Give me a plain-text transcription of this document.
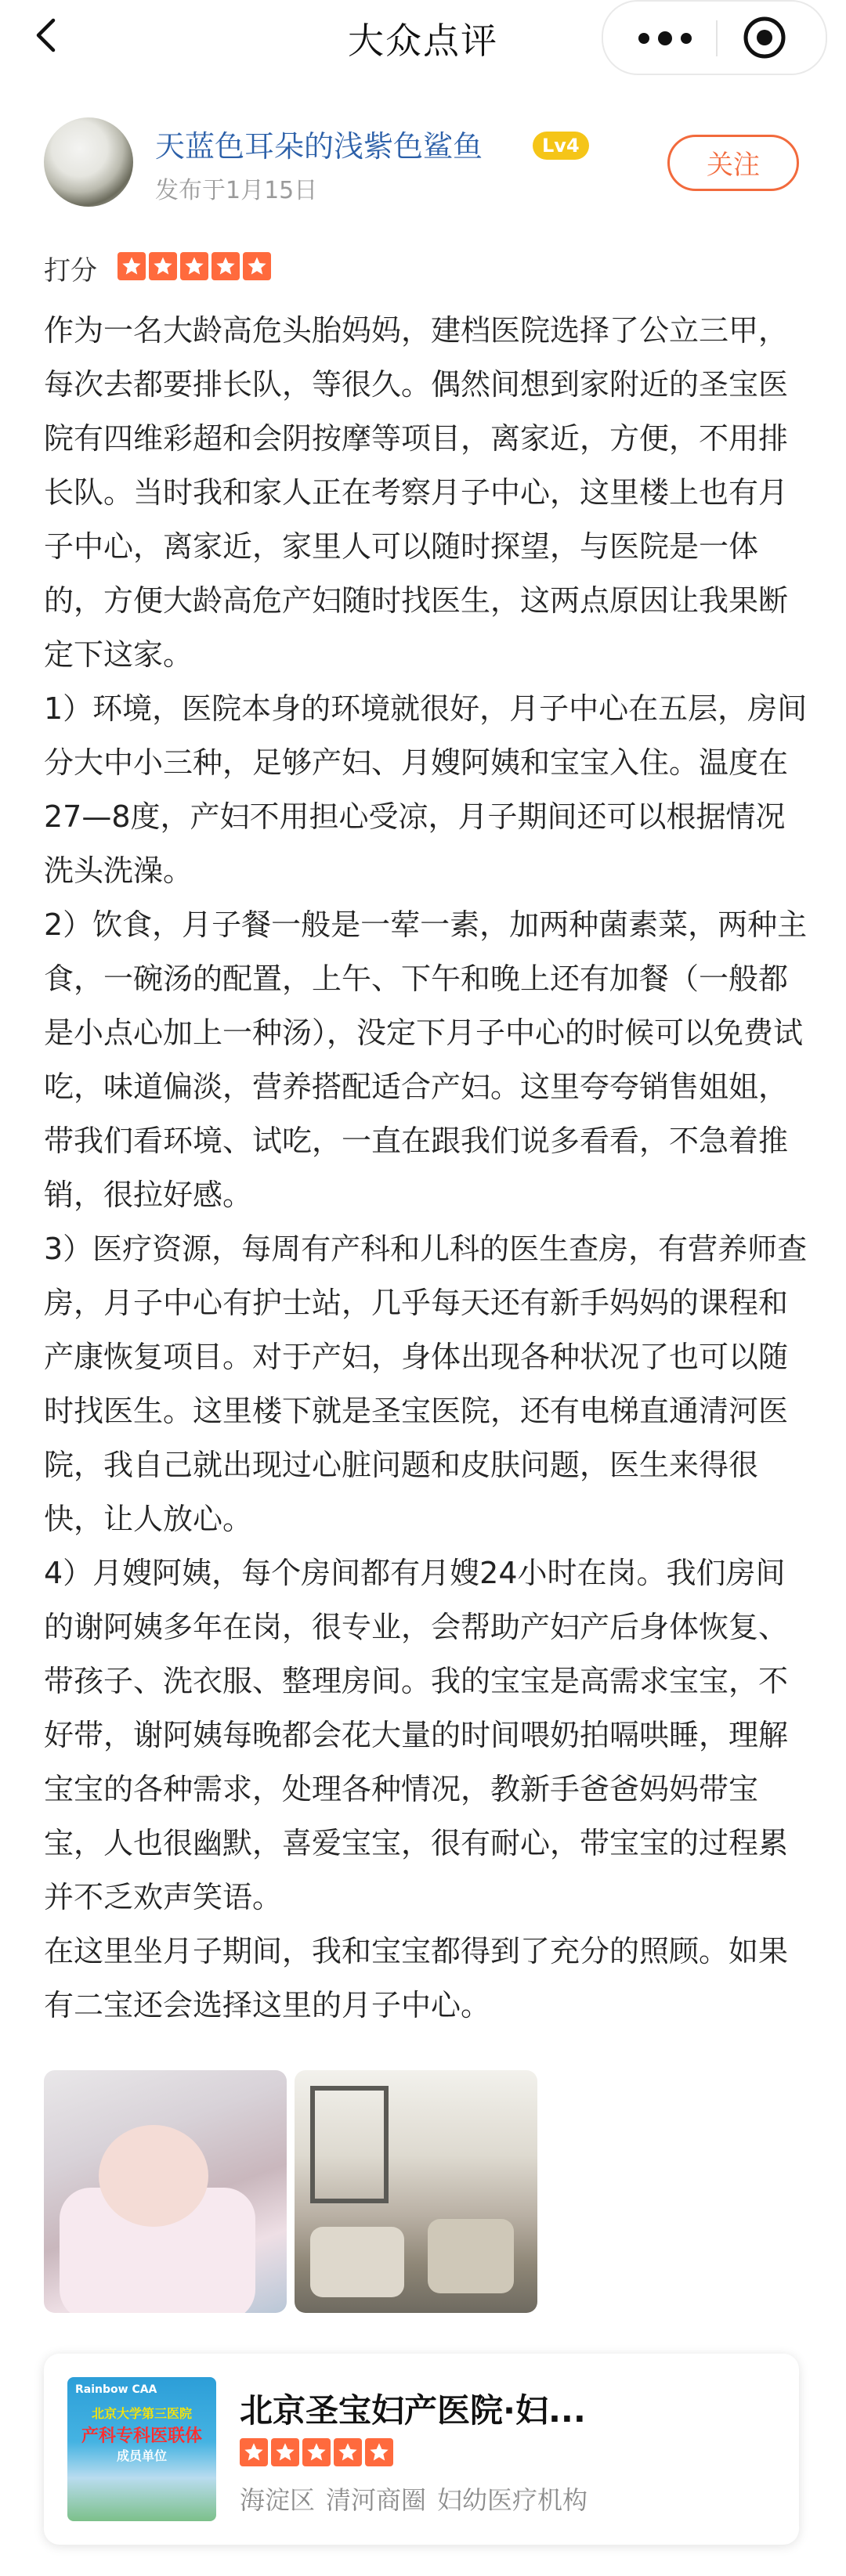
大众点评
天蓝色耳朵的浅紫色鲨鱼	Lv4
发布于1月15日
关注
打分

作为一名大龄高危头胎妈妈，建档医院选择了公立三甲，每次去都要排长队，等很久。偶然间想到家附近的圣宝医院有四维彩超和会阴按摩等项目，离家近，方便，不用排长队。当时我和家人正在考察月子中心，这里楼上也有月子中心，离家近，家里人可以随时探望，与医院是一体的，方便大龄高危产妇随时找医生，这两点原因让我果断定下这家。

1）环境，医院本身的环境就很好，月子中心在五层，房间分大中小三种，足够产妇、月嫂阿姨和宝宝入住。温度在27—8度，产妇不用担心受凉，月子期间还可以根据情况洗头洗澡。

2）饮食，月子餐一般是一荤一素，加两种菌素菜，两种主食，一碗汤的配置，上午、下午和晚上还有加餐（一般都是小点心加上一种汤），没定下月子中心的时候可以免费试吃，味道偏淡，营养搭配适合产妇。这里夸夸销售姐姐，带我们看环境、试吃，一直在跟我们说多看看，不急着推销，很拉好感。

3）医疗资源，每周有产科和儿科的医生查房，有营养师查房，月子中心有护士站，几乎每天还有新手妈妈的课程和产康恢复项目。对于产妇，身体出现各种状况了也可以随时找医生。这里楼下就是圣宝医院，还有电梯直通清河医院，我自己就出现过心脏问题和皮肤问题，医生来得很快，让人放心。

4）月嫂阿姨，每个房间都有月嫂24小时在岗。我们房间的谢阿姨多年在岗，很专业，会帮助产妇产后身体恢复、带孩子、洗衣服、整理房间。我的宝宝是高需求宝宝，不好带，谢阿姨每晚都会花大量的时间喂奶拍嗝哄睡，理解宝宝的各种需求，处理各种情况，教新手爸爸妈妈带宝宝，人也很幽默，喜爱宝宝，很有耐心，带宝宝的过程累并不乏欢声笑语。

在这里坐月子期间，我和宝宝都得到了充分的照顾。如果有二宝还会选择这里的月子中心。

Rainbow CAA
北京大学第三医院
产科专科医联体
成员单位
北京圣宝妇产医院·妇...
海淀区 清河商圈 妇幼医疗机构
